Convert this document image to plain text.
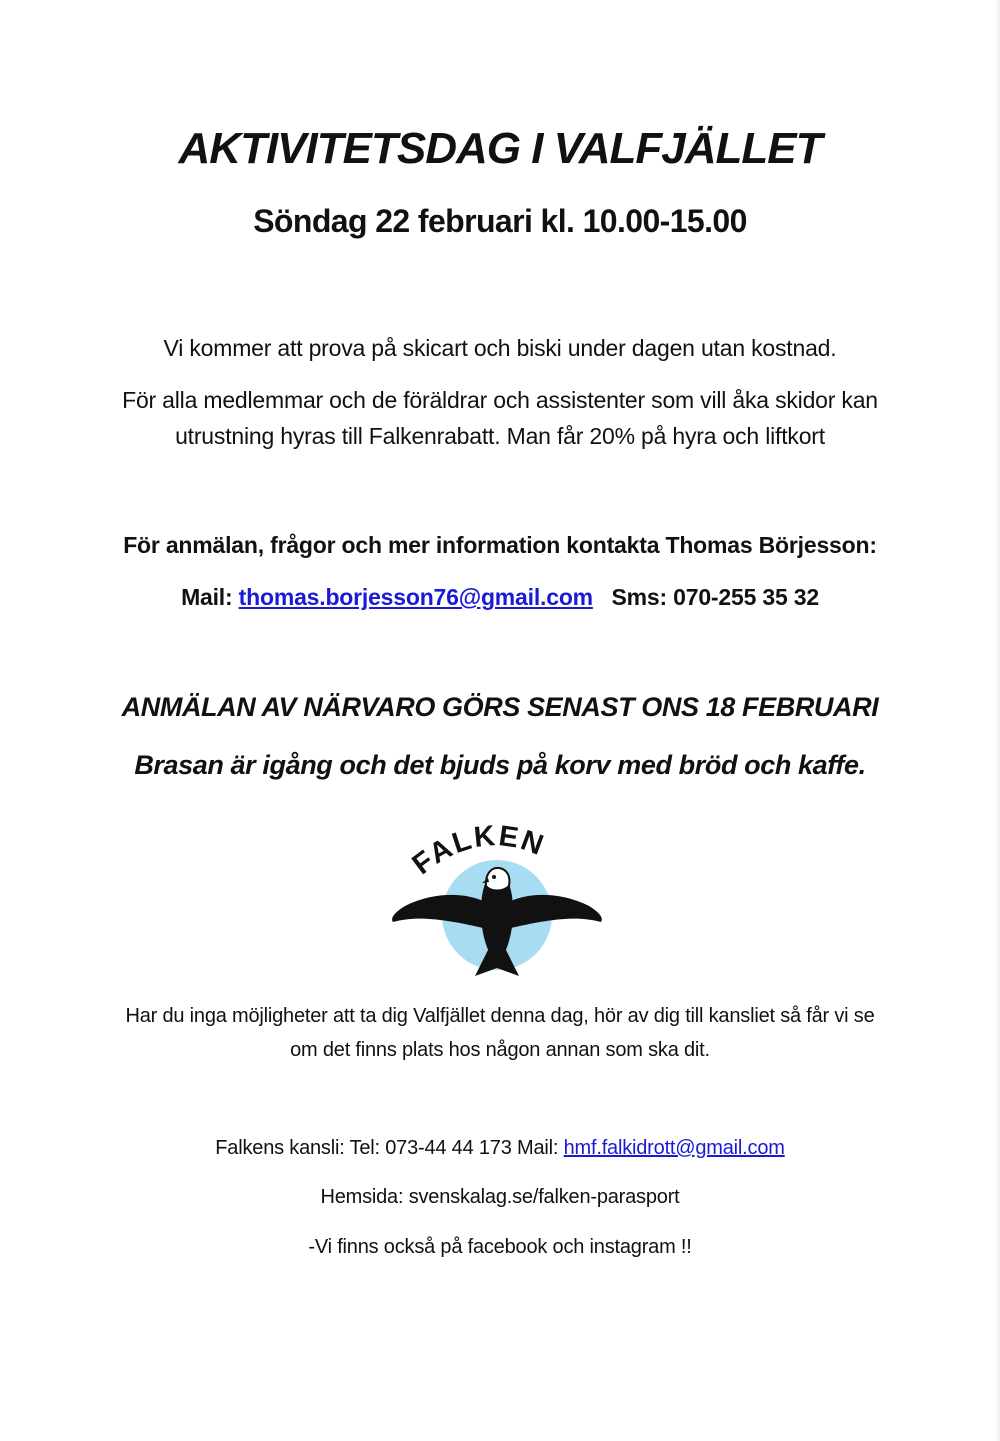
AKTIVITETSDAG I VALFJÄLLET
Söndag 22 februari kl. 10.00-15.00
Vi kommer att prova på skicart och biski under dagen utan kostnad.
För alla medlemmar och de föräldrar och assistenter som vill åka skidor kan
utrustning hyras till Falkenrabatt. Man får 20% på hyra och liftkort
För anmälan, frågor och mer information kontakta Thomas Börjesson:
Mail: thomas.borjesson76@gmail.com Sms: 070-255 35 32
ANMÄLAN AV NÄRVARO GÖRS SENAST ONS 18 FEBRUARI
Brasan är igång och det bjuds på korv med bröd och kaffe.
FALKEN
Har du inga möjligheter att ta dig Valfjället denna dag, hör av dig till kansliet så får vi se
om det finns plats hos någon annan som ska dit.
Falkens kansli: Tel: 073-44 44 173 Mail: hmf.falkidrott@gmail.com
Hemsida: svenskalag.se/falken-parasport
-Vi finns också på facebook och instagram !!
